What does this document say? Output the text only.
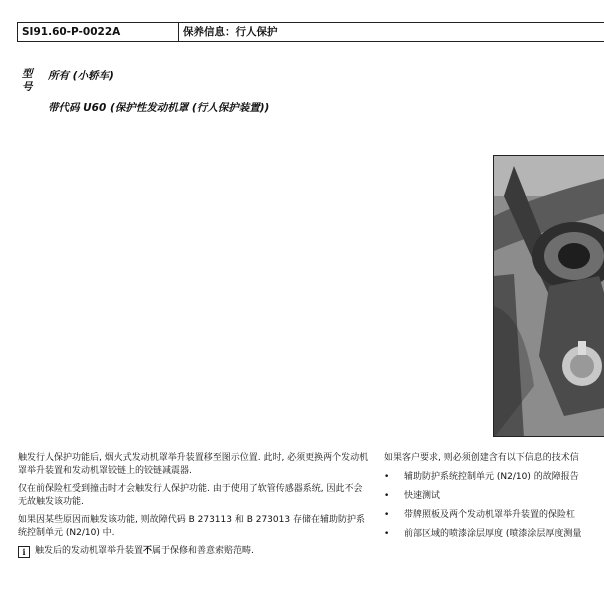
SI91.60-P-0022A	保养信息：行人保护
型号
所有 (小轿车)
带代码 U60 (保护性发动机罩 (行人保护装置))

触发行人保护功能后, 烟火式发动机罩举升装置移至图示位置. 此时, 必须更换两个发动机罩举升装置和发动机罩铰链上的铰链减震器.

仅在前保险杠受到撞击时才会触发行人保护功能. 由于使用了软管传感器系统, 因此不会无故触发该功能.

如果因某些原因而触发该功能, 则故障代码 B 273113 和 B 273013 存储在辅助防护系统控制单元 (N2/10) 中.

i	触发后的发动机罩举升装置不属于保修和善意索赔范畴.

如果客户要求, 则必须创建含有以下信息的技术信

• 辅助防护系统控制单元 (N2/10) 的故障报告
• 快速测试
• 带牌照板及两个发动机罩举升装置的保险杠
• 前部区域的喷漆涂层厚度 (喷漆涂层厚度测量
